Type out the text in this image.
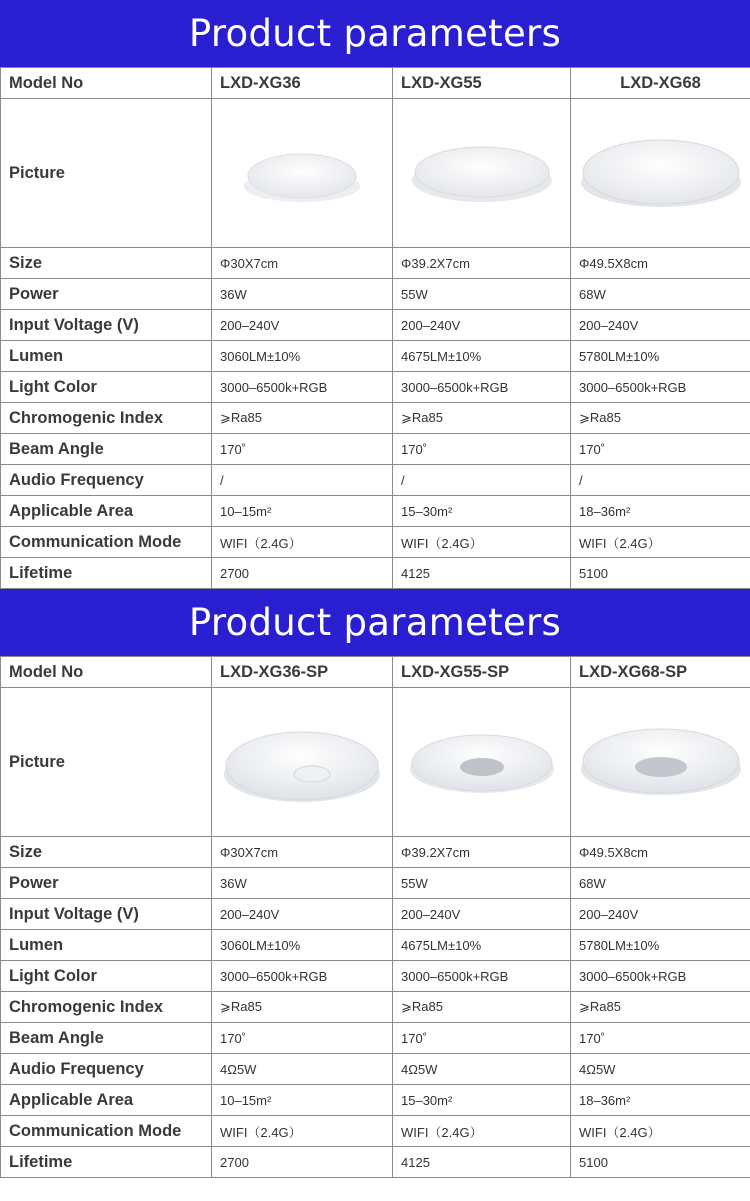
Product parameters
Model No	LXD-XG36	LXD-XG55	LXD-XG68
Picture	

Size	Φ30X7cm	Φ39.2X7cm	Φ49.5X8cm
Power	36W	55W	68W
Input Voltage (V)	200–240V	200–240V	200–240V
Lumen	3060LM±10%	4675LM±10%	5780LM±10%
Light Color	3000–6500k+RGB	3000–6500k+RGB	3000–6500k+RGB
Chromogenic Index	⩾Ra85	⩾Ra85	⩾Ra85
Beam Angle	170˚	170˚	170˚
Audio Frequency	/	/	/
Applicable Area	10–15m²	15–30m²	18–36m²
Communication Mode	WIFI（2.4G）	WIFI（2.4G）	WIFI（2.4G）
Lifetime	2700	4125	5100
Product parameters
Model No	LXD-XG36-SP	LXD-XG55-SP	LXD-XG68-SP
Picture	

Size	Φ30X7cm	Φ39.2X7cm	Φ49.5X8cm
Power	36W	55W	68W
Input Voltage (V)	200–240V	200–240V	200–240V
Lumen	3060LM±10%	4675LM±10%	5780LM±10%
Light Color	3000–6500k+RGB	3000–6500k+RGB	3000–6500k+RGB
Chromogenic Index	⩾Ra85	⩾Ra85	⩾Ra85
Beam Angle	170˚	170˚	170˚
Audio Frequency	4Ω5W	4Ω5W	4Ω5W
Applicable Area	10–15m²	15–30m²	18–36m²
Communication Mode	WIFI（2.4G）	WIFI（2.4G）	WIFI（2.4G）
Lifetime	2700	4125	5100
